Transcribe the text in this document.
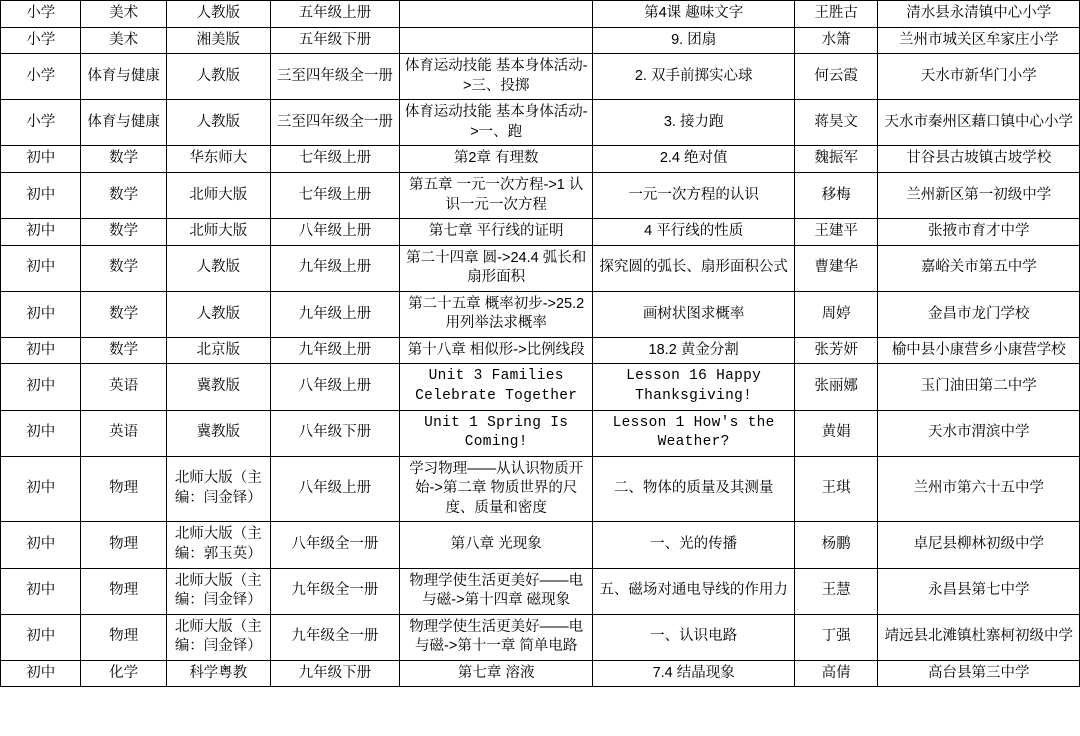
小学	美术	人教版	五年级上册		第4课 趣味文字	王胜古	清水县永清镇中心小学
小学	美术	湘美版	五年级下册		9. 团扇	水箫	兰州市城关区牟家庄小学
小学	体育与健康	人教版	三至四年级全一册	体育运动技能 基本身体活动->三、投掷	2. 双手前掷实心球	何云霞	天水市新华门小学
小学	体育与健康	人教版	三至四年级全一册	体育运动技能 基本身体活动->一、跑	3. 接力跑	蒋昊文	天水市秦州区藉口镇中心小学
初中	数学	华东师大	七年级上册	第2章 有理数	2.4 绝对值	魏振军	甘谷县古坡镇古坡学校
初中	数学	北师大版	七年级上册	第五章 一元一次方程->1 认识一元一次方程	一元一次方程的认识	移梅	兰州新区第一初级中学
初中	数学	北师大版	八年级上册	第七章 平行线的证明	4 平行线的性质	王建平	张掖市育才中学
初中	数学	人教版	九年级上册	第二十四章 圆->24.4 弧长和扇形面积	探究圆的弧长、扇形面积公式	曹建华	嘉峪关市第五中学
初中	数学	人教版	九年级上册	第二十五章 概率初步->25.2 用列举法求概率	画树状图求概率	周婷	金昌市龙门学校
初中	数学	北京版	九年级上册	第十八章 相似形->比例线段	18.2 黄金分割	张芳妍	榆中县小康营乡小康营学校
初中	英语	冀教版	八年级上册	Unit 3 Families Celebrate Together	Lesson 16 Happy Thanksgiving!	张丽娜	玉门油田第二中学
初中	英语	冀教版	八年级下册	Unit 1 Spring Is Coming!	Lesson 1 How's the Weather?	黄娟	天水市渭滨中学
初中	物理	北师大版（主编：闫金铎）	八年级上册	学习物理——从认识物质开始->第二章 物质世界的尺度、质量和密度	二、物体的质量及其测量	王琪	兰州市第六十五中学
初中	物理	北师大版（主编：郭玉英）	八年级全一册	第八章 光现象	一、光的传播	杨鹏	卓尼县柳林初级中学
初中	物理	北师大版（主编：闫金铎）	九年级全一册	物理学使生活更美好——电与磁->第十四章 磁现象	五、磁场对通电导线的作用力	王慧	永昌县第七中学
初中	物理	北师大版（主编：闫金铎）	九年级全一册	物理学使生活更美好——电与磁->第十一章 简单电路	一、认识电路	丁强	靖远县北滩镇杜寨柯初级中学
初中	化学	科学粤教	九年级下册	第七章 溶液	7.4 结晶现象	高倩	高台县第三中学
